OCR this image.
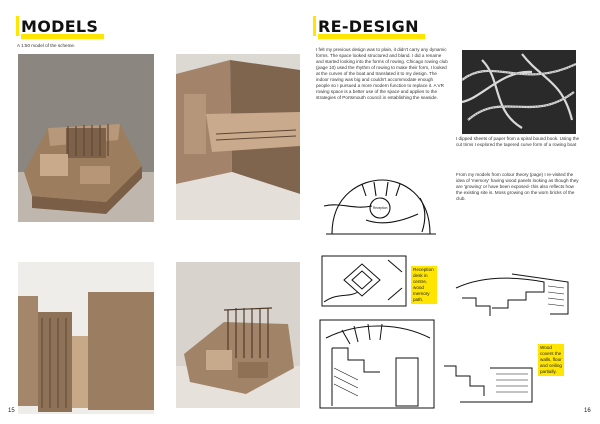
MODELS
A 1:50 model of the scheme.
15
RE-DESIGN
I felt my previous design was to plain, it didn't carry any dynamic forms. The space looked structured and bland. I did a rename and started looking into the forms of rowing. Chicago rowing club (page 10) used the rhythm of rowing to make their form, I looked at the curves of the boat and translated it to my design. The indoor rowing was big and couldn't accommodate enough people so I pursued a more modern function to replace it. A VR rowing space is a better use of the space and applies to the strategies of Portsmouth council in establishing the seaside.
I dipped sheets of paper from a spiral bound book. Using the cut trims I explored the tapered curve form of a rowing boat
From my models from colour theory (page) I re-visited the idea of 'memory' having wood panels looking as though they are 'growing' or have been exposed- this also reflects how the existing site is. Moss growing on the worn bricks of the club.
Reception
Reception desk in centre, wood memory path.
Wood covers the walls, floor and ceiling partially.
16
